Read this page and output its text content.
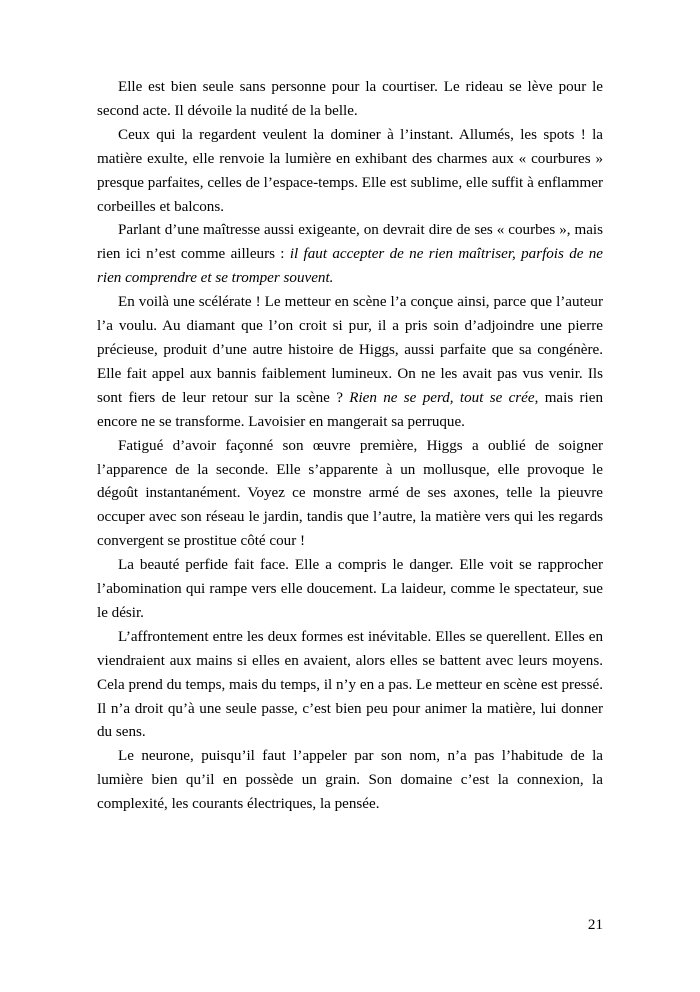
Elle est bien seule sans personne pour la courtiser. Le rideau se lève pour le second acte. Il dévoile la nudité de la belle.

Ceux qui la regardent veulent la dominer à l’instant. Allumés, les spots ! la matière exulte, elle renvoie la lumière en exhibant des charmes aux « courbures » presque parfaites, celles de l’espace-temps. Elle est sublime, elle suffit à enflammer corbeilles et balcons.

Parlant d’une maîtresse aussi exigeante, on devrait dire de ses « courbes », mais rien ici n’est comme ailleurs : il faut accepter de ne rien maîtriser, parfois de ne rien comprendre et se tromper souvent.

En voilà une scélérate ! Le metteur en scène l’a conçue ainsi, parce que l’auteur l’a voulu. Au diamant que l’on croit si pur, il a pris soin d’adjoindre une pierre précieuse, produit d’une autre histoire de Higgs, aussi parfaite que sa congénère. Elle fait appel aux bannis faiblement lumineux. On ne les avait pas vus venir. Ils sont fiers de leur retour sur la scène ? Rien ne se perd, tout se crée, mais rien encore ne se transforme. Lavoisier en mangerait sa perruque.

Fatigué d’avoir façonné son œuvre première, Higgs a oublié de soigner l’apparence de la seconde. Elle s’apparente à un mollusque, elle provoque le dégoût instantanément. Voyez ce monstre armé de ses axones, telle la pieuvre occuper avec son réseau le jardin, tandis que l’autre, la matière vers qui les regards convergent se prostitue côté cour !

La beauté perfide fait face. Elle a compris le danger. Elle voit se rapprocher l’abomination qui rampe vers elle doucement. La laideur, comme le spectateur, sue le désir.

L’affrontement entre les deux formes est inévitable. Elles se querellent. Elles en viendraient aux mains si elles en avaient, alors elles se battent avec leurs moyens. Cela prend du temps, mais du temps, il n’y en a pas. Le metteur en scène est pressé. Il n’a droit qu’à une seule passe, c’est bien peu pour animer la matière, lui donner du sens.

Le neurone, puisqu’il faut l’appeler par son nom, n’a pas l’habitude de la lumière bien qu’il en possède un grain. Son domaine c’est la connexion, la complexité, les courants électriques, la pensée.

21
